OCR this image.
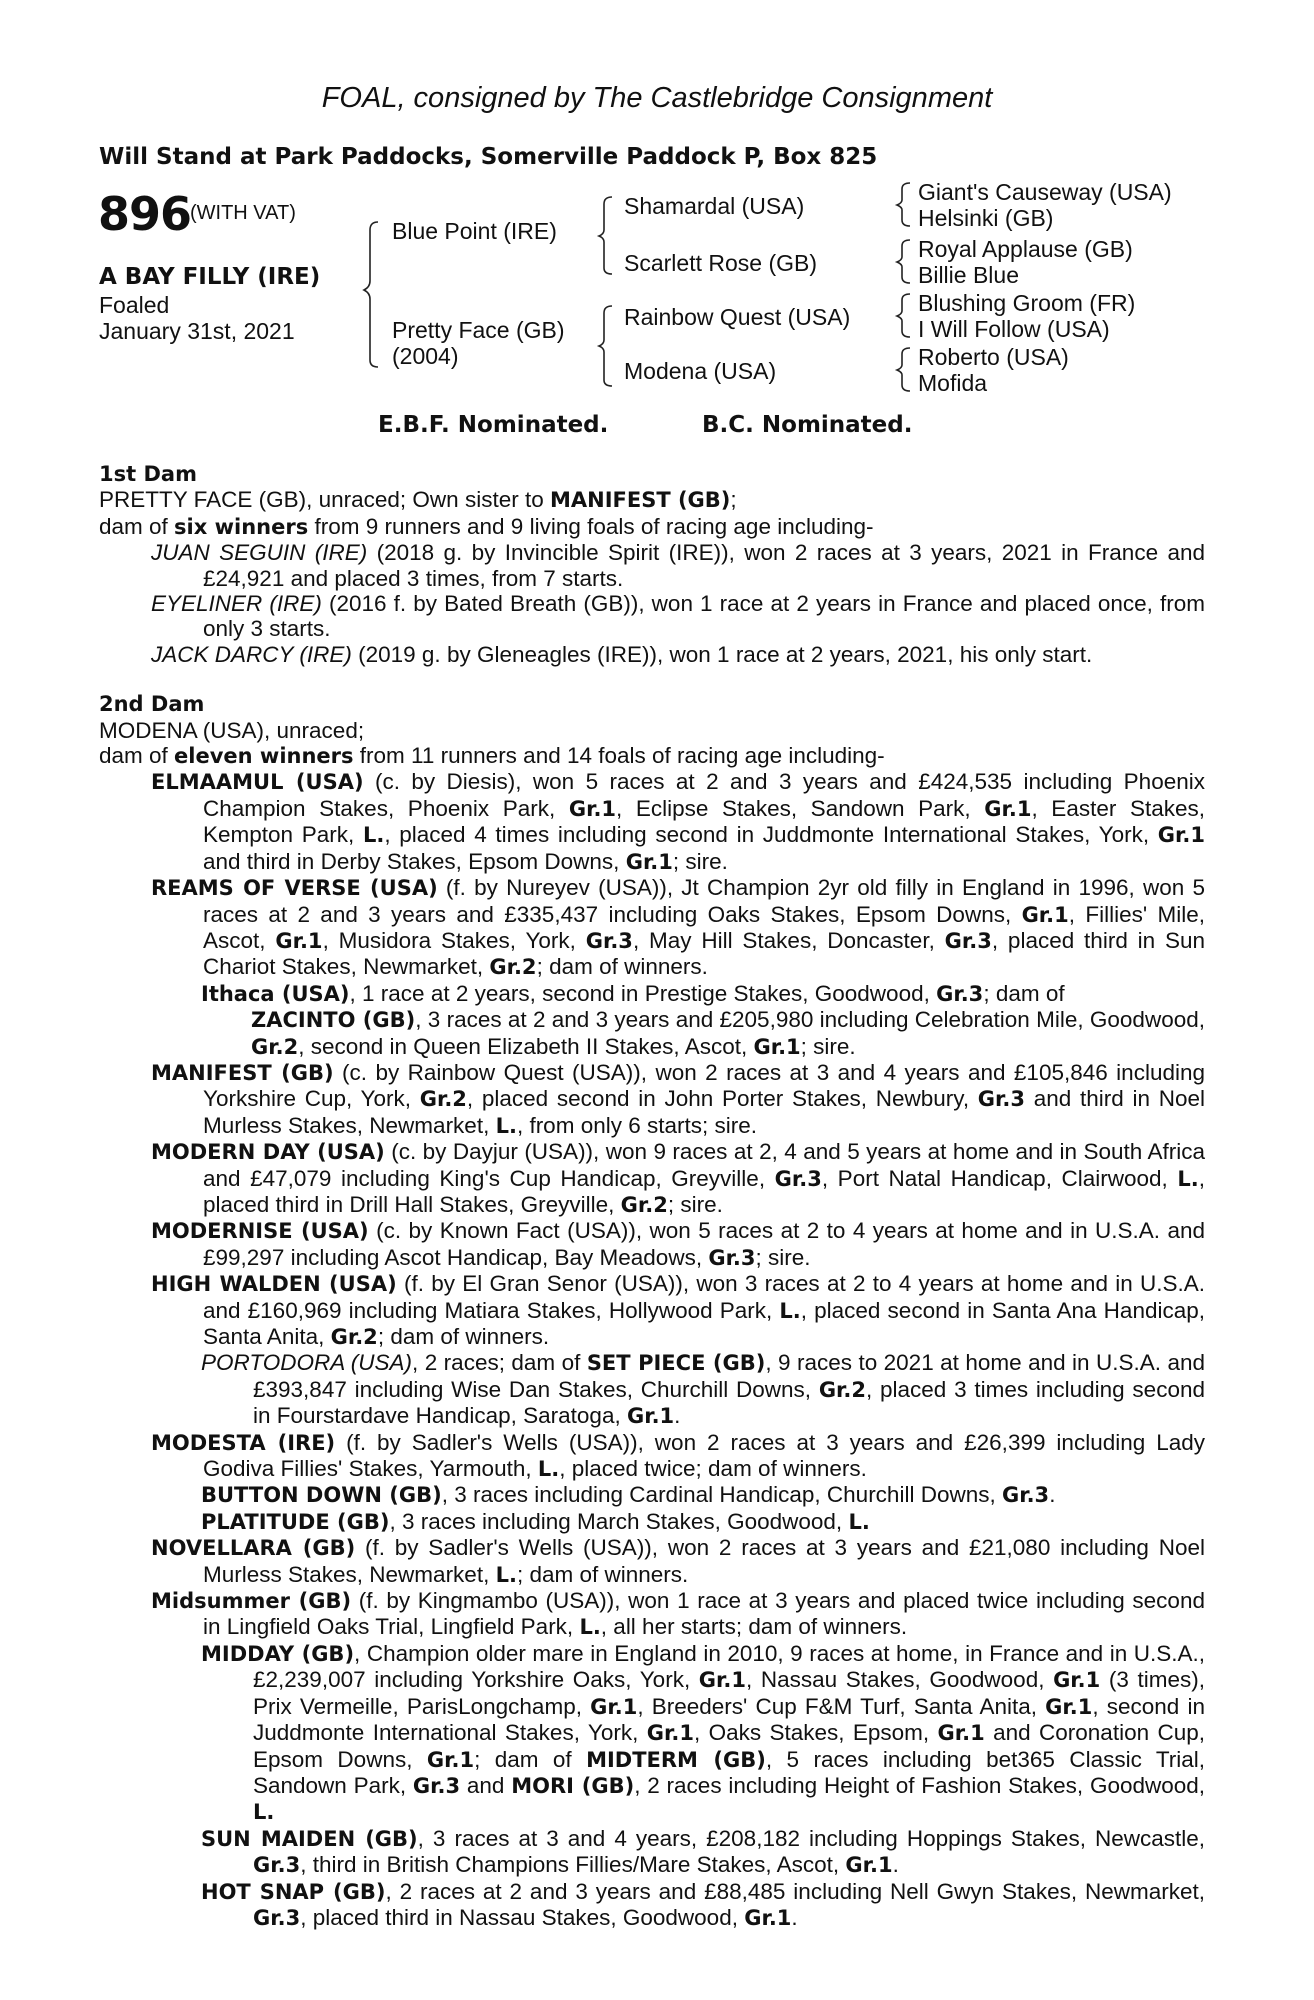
FOAL, consigned by The Castlebridge Consignment
Will Stand at Park Paddocks, Somerville Paddock P, Box 825
896
(WITH VAT)
A BAY FILLY (IRE)
Foaled
January 31st, 2021
Blue Point (IRE)
Pretty Face (GB)
(2004)
Shamardal (USA)
Scarlett Rose (GB)
Rainbow Quest (USA)
Modena (USA)
Giant's Causeway (USA)
Helsinki (GB)
Royal Applause (GB)
Billie Blue
Blushing Groom (FR)
I Will Follow (USA)
Roberto (USA)
Mofida
E.B.F. Nominated.	B.C. Nominated.
1st Dam
PRETTY FACE (GB), unraced; Own sister to MANIFEST (GB);
dam of six winners from 9 runners and 9 living foals of racing age including-
JUAN SEGUIN (IRE) (2018 g. by Invincible Spirit (IRE)), won 2 races at 3 years, 2021 in France and £24,921 and placed 3 times, from 7 starts.
EYELINER (IRE) (2016 f. by Bated Breath (GB)), won 1 race at 2 years in France and placed once, from only 3 starts.
JACK DARCY (IRE) (2019 g. by Gleneagles (IRE)), won 1 race at 2 years, 2021, his only start.
2nd Dam
MODENA (USA), unraced;
dam of eleven winners from 11 runners and 14 foals of racing age including-
ELMAAMUL (USA) (c. by Diesis), won 5 races at 2 and 3 years and £424,535 including Phoenix Champion Stakes, Phoenix Park, Gr.1, Eclipse Stakes, Sandown Park, Gr.1, Easter Stakes, Kempton Park, L., placed 4 times including second in Juddmonte International Stakes, York, Gr.1 and third in Derby Stakes, Epsom Downs, Gr.1; sire.
REAMS OF VERSE (USA) (f. by Nureyev (USA)), Jt Champion 2yr old filly in England in 1996, won 5 races at 2 and 3 years and £335,437 including Oaks Stakes, Epsom Downs, Gr.1, Fillies' Mile, Ascot, Gr.1, Musidora Stakes, York, Gr.3, May Hill Stakes, Doncaster, Gr.3, placed third in Sun Chariot Stakes, Newmarket, Gr.2; dam of winners.
Ithaca (USA), 1 race at 2 years, second in Prestige Stakes, Goodwood, Gr.3; dam of
ZACINTO (GB), 3 races at 2 and 3 years and £205,980 including Celebration Mile, Goodwood, Gr.2, second in Queen Elizabeth II Stakes, Ascot, Gr.1; sire.
MANIFEST (GB) (c. by Rainbow Quest (USA)), won 2 races at 3 and 4 years and £105,846 including Yorkshire Cup, York, Gr.2, placed second in John Porter Stakes, Newbury, Gr.3 and third in Noel Murless Stakes, Newmarket, L., from only 6 starts; sire.
MODERN DAY (USA) (c. by Dayjur (USA)), won 9 races at 2, 4 and 5 years at home and in South Africa and £47,079 including King's Cup Handicap, Greyville, Gr.3, Port Natal Handicap, Clairwood, L., placed third in Drill Hall Stakes, Greyville, Gr.2; sire.
MODERNISE (USA) (c. by Known Fact (USA)), won 5 races at 2 to 4 years at home and in U.S.A. and £99,297 including Ascot Handicap, Bay Meadows, Gr.3; sire.
HIGH WALDEN (USA) (f. by El Gran Senor (USA)), won 3 races at 2 to 4 years at home and in U.S.A. and £160,969 including Matiara Stakes, Hollywood Park, L., placed second in Santa Ana Handicap, Santa Anita, Gr.2; dam of winners.
PORTODORA (USA), 2 races; dam of SET PIECE (GB), 9 races to 2021 at home and in U.S.A. and £393,847 including Wise Dan Stakes, Churchill Downs, Gr.2, placed 3 times including second in Fourstardave Handicap, Saratoga, Gr.1.
MODESTA (IRE) (f. by Sadler's Wells (USA)), won 2 races at 3 years and £26,399 including Lady Godiva Fillies' Stakes, Yarmouth, L., placed twice; dam of winners.
BUTTON DOWN (GB), 3 races including Cardinal Handicap, Churchill Downs, Gr.3.
PLATITUDE (GB), 3 races including March Stakes, Goodwood, L.
NOVELLARA (GB) (f. by Sadler's Wells (USA)), won 2 races at 3 years and £21,080 including Noel Murless Stakes, Newmarket, L.; dam of winners.
Midsummer (GB) (f. by Kingmambo (USA)), won 1 race at 3 years and placed twice including second in Lingfield Oaks Trial, Lingfield Park, L., all her starts; dam of winners.
MIDDAY (GB), Champion older mare in England in 2010, 9 races at home, in France and in U.S.A., £2,239,007 including Yorkshire Oaks, York, Gr.1, Nassau Stakes, Goodwood, Gr.1 (3 times), Prix Vermeille, ParisLongchamp, Gr.1, Breeders' Cup F&M Turf, Santa Anita, Gr.1, second in Juddmonte International Stakes, York, Gr.1, Oaks Stakes, Epsom, Gr.1 and Coronation Cup, Epsom Downs, Gr.1; dam of MIDTERM (GB), 5 races including bet365 Classic Trial, Sandown Park, Gr.3 and MORI (GB), 2 races including Height of Fashion Stakes, Goodwood, L.
SUN MAIDEN (GB), 3 races at 3 and 4 years, £208,182 including Hoppings Stakes, Newcastle, Gr.3, third in British Champions Fillies/Mare Stakes, Ascot, Gr.1.
HOT SNAP (GB), 2 races at 2 and 3 years and £88,485 including Nell Gwyn Stakes, Newmarket, Gr.3, placed third in Nassau Stakes, Goodwood, Gr.1.
